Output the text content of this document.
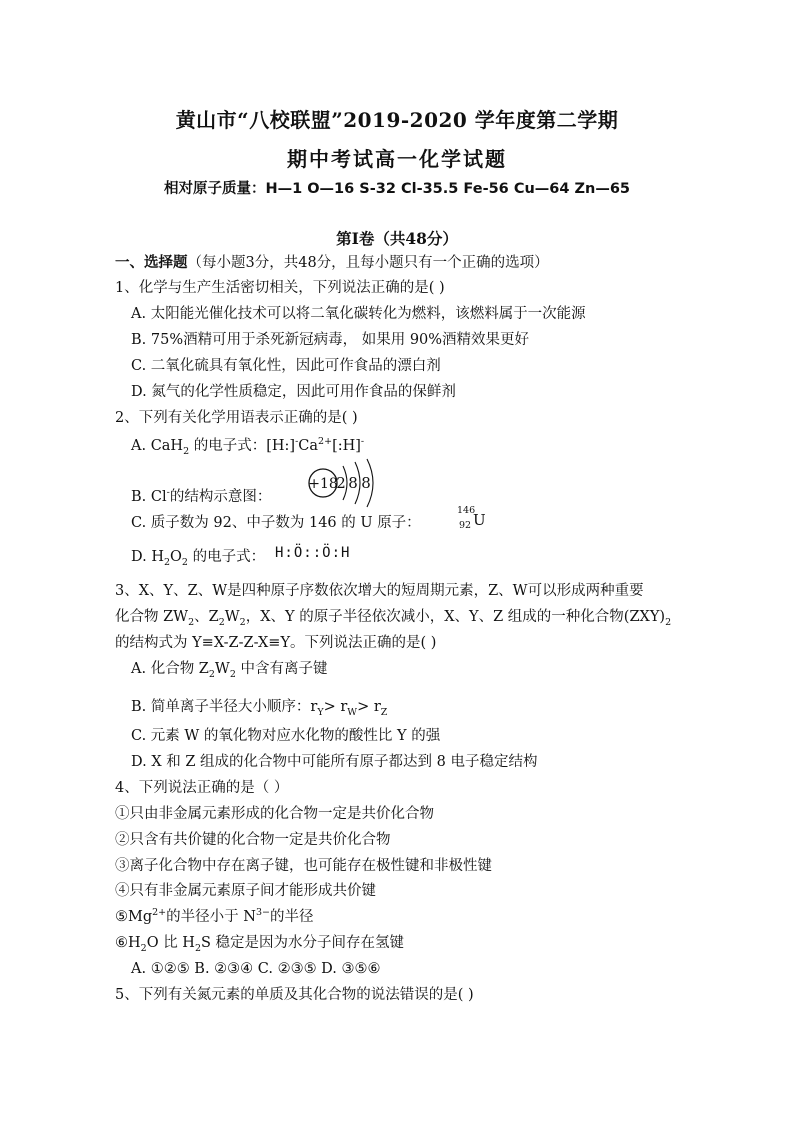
黄山市“八校联盟”2019-2020 学年度第二学期
期中考试高一化学试题
相对原子质量：H—1 O—16 S-32 Cl-35.5 Fe-56 Cu—64 Zn—65
第Ⅰ卷（共48分）
一、选择题（每小题3分，共48分，且每小题只有一个正确的选项）
1、化学与生产生活密切相关，下列说法正确的是( )
A. 太阳能光催化技术可以将二氧化碳转化为燃料，该燃料属于一次能源
B. 75%酒精可用于杀死新冠病毒， 如果用 90%酒精效果更好
C. 二氧化硫具有氧化性，因此可作食品的漂白剂
D. 氮气的化学性质稳定，因此可用作食品的保鲜剂
2、下列有关化学用语表示正确的是( )
A. CaH$_2$ 的电子式：$[H:]^-Ca^{2+}[:H]^-$
B. Cl-的结构示意图：
+18
2 8 8
C. 质子数为 92、中子数为 146 的 U 原子：
146
92 U
D. $H_2O_2$ 的电子式： H:Ö::Ö:H
3、X、Y、Z、W是四种原子序数依次增大的短周期元素，Z、W可以形成两种重要
化合物 $ZW_2$、$Z_2W_2$，X、Y 的原子半径依次减小，X、Y、Z 组成的一种化合物$(ZXY)_2$
的结构式为 Y≡X-Z-Z-X≡Y。下列说法正确的是( )
A. 化合物 $Z_2W_2$ 中含有离子键
B. 简单离子半径大小顺序：$r_Y> r_W> r_Z$
C. 元素 W 的氧化物对应水化物的酸性比 Y 的强
D. X 和 Z 组成的化合物中可能所有原子都达到 8 电子稳定结构
4、下列说法正确的是（ ）
①只由非金属元素形成的化合物一定是共价化合物
②只含有共价键的化合物一定是共价化合物
③离子化合物中存在离子键，也可能存在极性键和非极性键
④只有非金属元素原子间才能形成共价键
$⑤Mg^{2+}$的半径小于 $N^{3-}$的半径
$⑥H_2O$ 比 $H_2S$ 稳定是因为水分子间存在氢键
A. ①②⑤ B. ②③④ C. ②③⑤ D. ③⑤⑥
5、下列有关氮元素的单质及其化合物的说法错误的是( )
